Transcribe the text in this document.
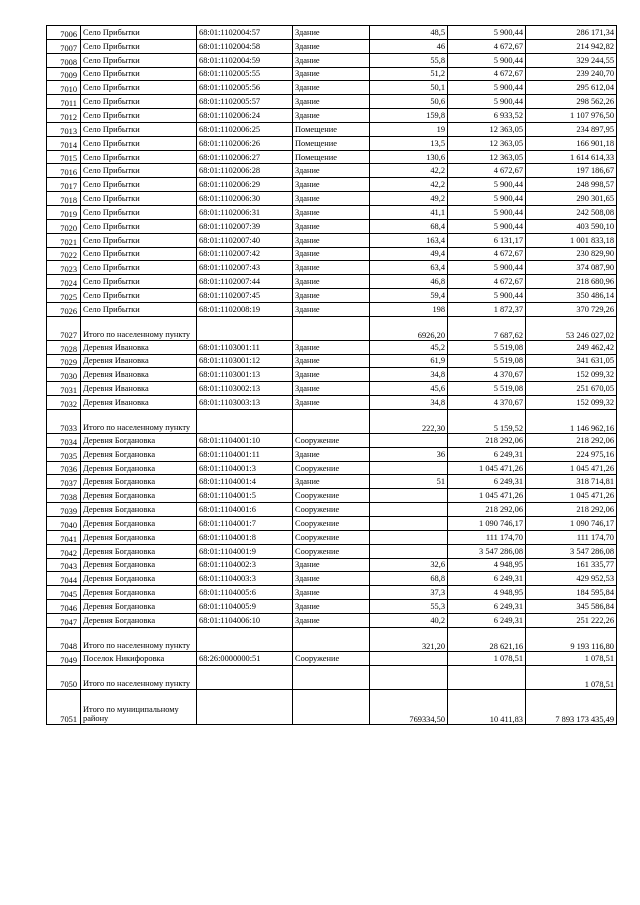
7006	Село Прибытки	68:01:1102004:57	Здание	48,5	5 900,44	286 171,34
7007	Село Прибытки	68:01:1102004:58	Здание	46	4 672,67	214 942,82
7008	Село Прибытки	68:01:1102004:59	Здание	55,8	5 900,44	329 244,55
7009	Село Прибытки	68:01:1102005:55	Здание	51,2	4 672,67	239 240,70
7010	Село Прибытки	68:01:1102005:56	Здание	50,1	5 900,44	295 612,04
7011	Село Прибытки	68:01:1102005:57	Здание	50,6	5 900,44	298 562,26
7012	Село Прибытки	68:01:1102006:24	Здание	159,8	6 933,52	1 107 976,50
7013	Село Прибытки	68:01:1102006:25	Помещение	19	12 363,05	234 897,95
7014	Село Прибытки	68:01:1102006:26	Помещение	13,5	12 363,05	166 901,18
7015	Село Прибытки	68:01:1102006:27	Помещение	130,6	12 363,05	1 614 614,33
7016	Село Прибытки	68:01:1102006:28	Здание	42,2	4 672,67	197 186,67
7017	Село Прибытки	68:01:1102006:29	Здание	42,2	5 900,44	248 998,57
7018	Село Прибытки	68:01:1102006:30	Здание	49,2	5 900,44	290 301,65
7019	Село Прибытки	68:01:1102006:31	Здание	41,1	5 900,44	242 508,08
7020	Село Прибытки	68:01:1102007:39	Здание	68,4	5 900,44	403 590,10
7021	Село Прибытки	68:01:1102007:40	Здание	163,4	6 131,17	1 001 833,18
7022	Село Прибытки	68:01:1102007:42	Здание	49,4	4 672,67	230 829,90
7023	Село Прибытки	68:01:1102007:43	Здание	63,4	5 900,44	374 087,90
7024	Село Прибытки	68:01:1102007:44	Здание	46,8	4 672,67	218 680,96
7025	Село Прибытки	68:01:1102007:45	Здание	59,4	5 900,44	350 486,14
7026	Село Прибытки	68:01:1102008:19	Здание	198	1 872,37	370 729,26
7027	Итого по населенному пункту			6926,20	7 687,62	53 246 027,02
7028	Деревня Ивановка	68:01:1103001:11	Здание	45,2	5 519,08	249 462,42
7029	Деревня Ивановка	68:01:1103001:12	Здание	61,9	5 519,08	341 631,05
7030	Деревня Ивановка	68:01:1103001:13	Здание	34,8	4 370,67	152 099,32
7031	Деревня Ивановка	68:01:1103002:13	Здание	45,6	5 519,08	251 670,05
7032	Деревня Ивановка	68:01:1103003:13	Здание	34,8	4 370,67	152 099,32
7033	Итого по населенному пункту			222,30	5 159,52	1 146 962,16
7034	Деревня Богдановка	68:01:1104001:10	Сооружение		218 292,06	218 292,06
7035	Деревня Богдановка	68:01:1104001:11	Здание	36	6 249,31	224 975,16
7036	Деревня Богдановка	68:01:1104001:3	Сооружение		1 045 471,26	1 045 471,26
7037	Деревня Богдановка	68:01:1104001:4	Здание	51	6 249,31	318 714,81
7038	Деревня Богдановка	68:01:1104001:5	Сооружение		1 045 471,26	1 045 471,26
7039	Деревня Богдановка	68:01:1104001:6	Сооружение		218 292,06	218 292,06
7040	Деревня Богдановка	68:01:1104001:7	Сооружение		1 090 746,17	1 090 746,17
7041	Деревня Богдановка	68:01:1104001:8	Сооружение		111 174,70	111 174,70
7042	Деревня Богдановка	68:01:1104001:9	Сооружение		3 547 286,08	3 547 286,08
7043	Деревня Богдановка	68:01:1104002:3	Здание	32,6	4 948,95	161 335,77
7044	Деревня Богдановка	68:01:1104003:3	Здание	68,8	6 249,31	429 952,53
7045	Деревня Богдановка	68:01:1104005:6	Здание	37,3	4 948,95	184 595,84
7046	Деревня Богдановка	68:01:1104005:9	Здание	55,3	6 249,31	345 586,84
7047	Деревня Богдановка	68:01:1104006:10	Здание	40,2	6 249,31	251 222,26
7048	Итого по населенному пункту			321,20	28 621,16	9 193 116,80
7049	Поселок Никифоровка	68:26:0000000:51	Сооружение		1 078,51	1 078,51
7050	Итого по населенному пункту					1 078,51
7051	Итого по муниципальному району			769334,50	10 411,83	7 893 173 435,49
